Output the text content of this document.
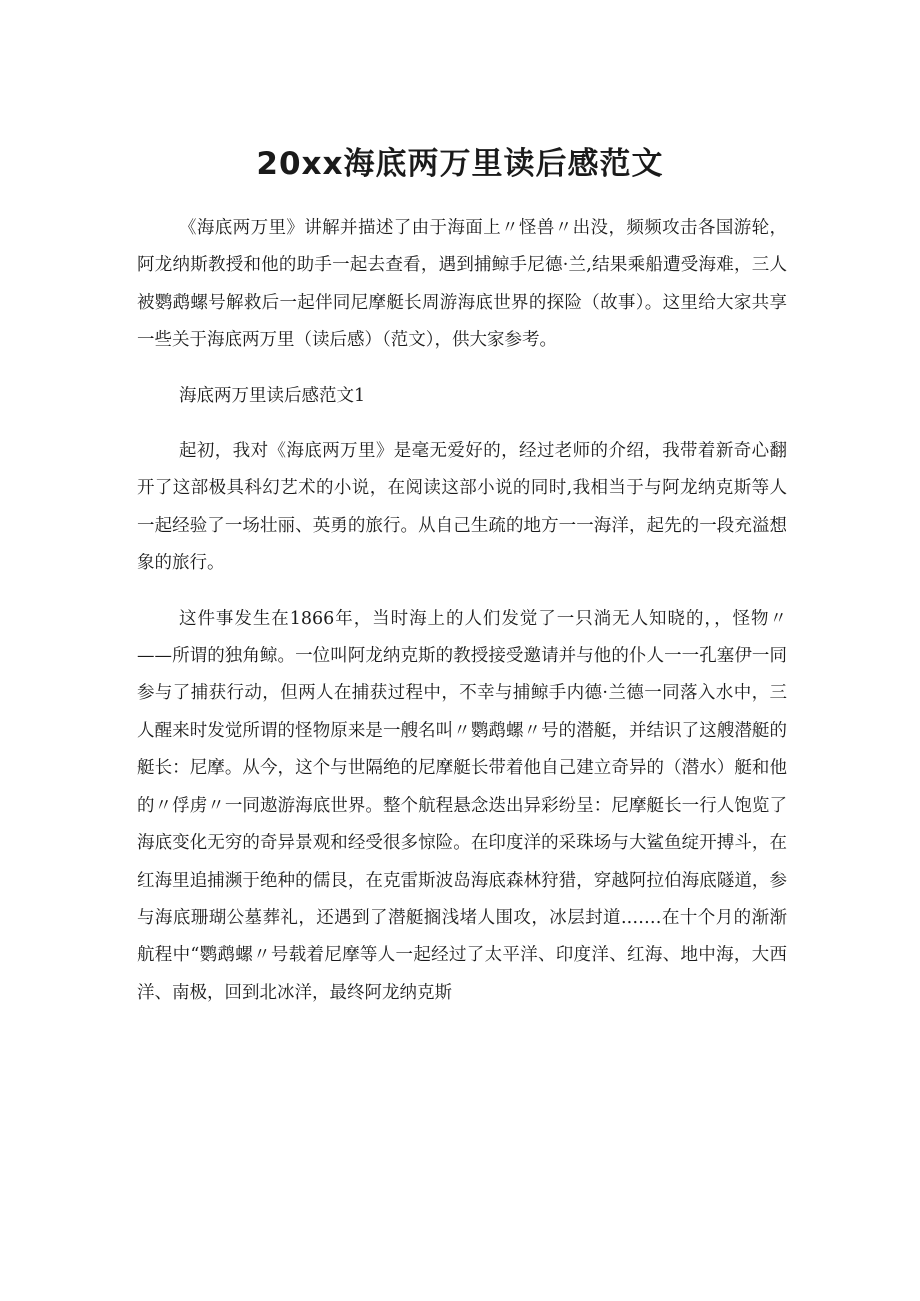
20xx海底两万里读后感范文

《海底两万里》讲解并描述了由于海面上〃怪兽〃出没，频频攻击各国游轮，阿龙纳斯教授和他的助手一起去查看，遇到捕鲸手尼德·兰,结果乘船遭受海难，三人被鹦鹉螺号解救后一起伴同尼摩艇长周游海底世界的探险（故事）。这里给大家共享一些关于海底两万里（读后感）（范文），供大家参考。

海底两万里读后感范文1

起初，我对《海底两万里》是毫无爱好的，经过老师的介绍，我带着新奇心翻开了这部极具科幻艺术的小说，在阅读这部小说的同时,我相当于与阿龙纳克斯等人一起经验了一场壮丽、英勇的旅行。从自己生疏的地方一一海洋，起先的一段充溢想象的旅行。

这件事发生在1866年，当时海上的人们发觉了一只淌无人知晓的，，怪物〃——所谓的独角鲸。一位叫阿龙纳克斯的教授接受邀请并与他的仆人一一孔塞伊一同参与了捕获行动，但两人在捕获过程中，不幸与捕鲸手内德·兰德一同落入水中，三人醒来时发觉所谓的怪物原来是一艘名叫〃鹦鹉螺〃号的潜艇，并结识了这艘潜艇的艇长：尼摩。从今，这个与世隔绝的尼摩艇长带着他自己建立奇异的（潜水）艇和他的〃俘虏〃一同遨游海底世界。整个航程悬念迭出异彩纷呈：尼摩艇长一行人饱览了海底变化无穷的奇异景观和经受很多惊险。在印度洋的采珠场与大鲨鱼绽开搏斗，在红海里追捕濒于绝种的儒艮，在克雷斯波岛海底森林狩猎，穿越阿拉伯海底隧道，参与海底珊瑚公墓葬礼，还遇到了潜艇搁浅堵人围攻，冰层封道.……在十个月的渐渐航程中“鹦鹉螺〃号载着尼摩等人一起经过了太平洋、印度洋、红海、地中海，大西洋、南极，回到北冰洋，最终阿龙纳克斯
